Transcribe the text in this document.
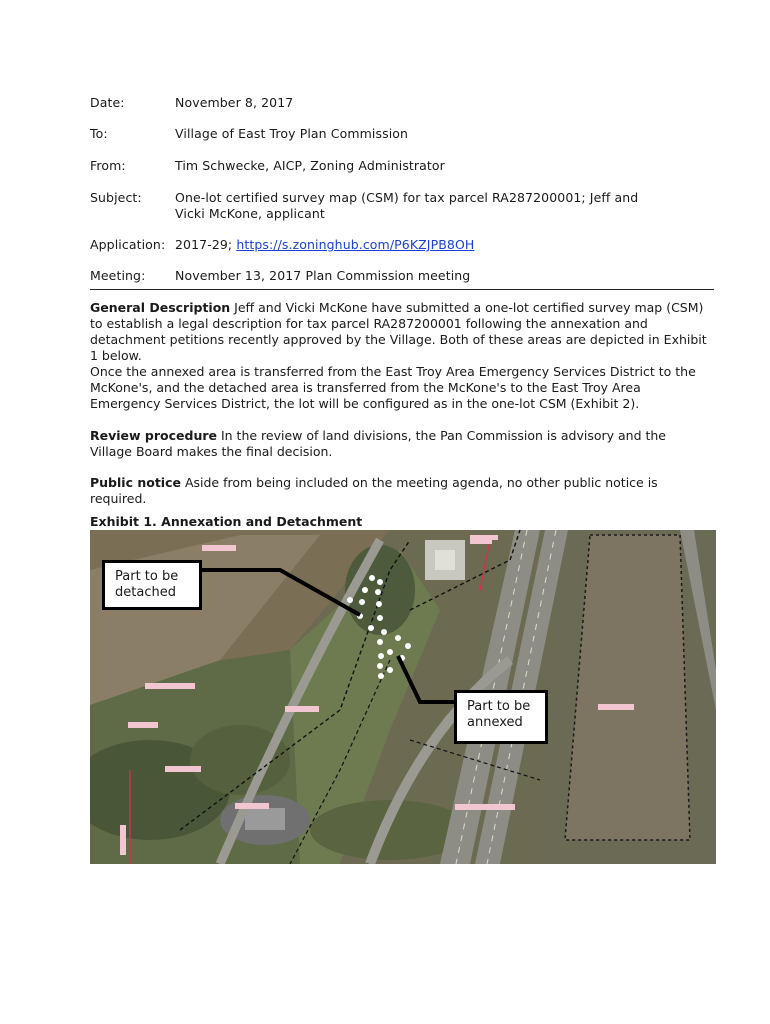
Date:	November 8, 2017
To:	Village of East Troy Plan Commission
From:	Tim Schwecke, AICP, Zoning Administrator
Subject:	One-lot certified survey map (CSM) for tax parcel RA287200001; Jeff and Vicki McKone, applicant
Application: 2017-29; https://s.zoninghub.com/P6KZJPB8OH
Meeting:	November 13, 2017 Plan Commission meeting
General Description Jeff and Vicki McKone have submitted a one-lot certified survey map (CSM) to establish a legal description for tax parcel RA287200001 following the annexation and detachment petitions recently approved by the Village. Both of these areas are depicted in Exhibit 1 below.
Once the annexed area is transferred from the East Troy Area Emergency Services District to the McKone's, and the detached area is transferred from the McKone's to the East Troy Area Emergency Services District, the lot will be configured as in the one-lot CSM (Exhibit 2).
Review procedure In the review of land divisions, the Pan Commission is advisory and the Village Board makes the final decision.
Public notice Aside from being included on the meeting agenda, no other public notice is required.
Exhibit 1. Annexation and Detachment
Part to be detached
Part to be annexed
